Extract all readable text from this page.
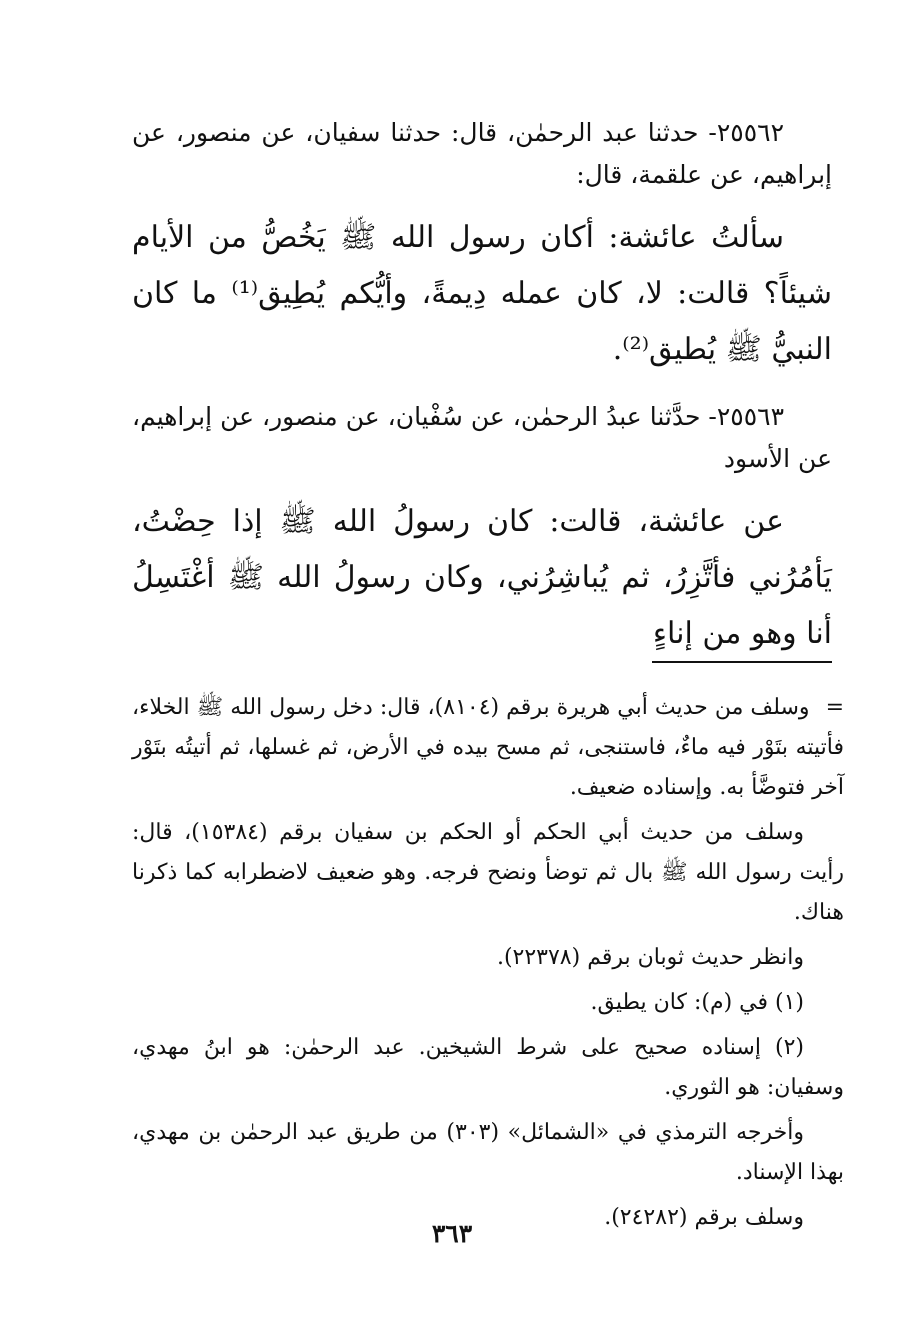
٢٥٥٦٢- حدثنا عبد الرحمٰن، قال: حدثنا سفيان، عن منصور، عن إبراهيم، عن علقمة، قال:

سألتُ عائشة: أكان رسول الله ﷺ يَخُصُّ من الأيام شيئاً؟ قالت: لا، كان عمله دِيمةً، وأيُّكم يُطِيق⁽¹⁾ ما كان النبيُّ ﷺ يُطيق⁽²⁾.

٢٥٥٦٣- حدَّثنا عبدُ الرحمٰن، عن سُفْيان، عن منصور، عن إبراهيم، عن الأسود

عن عائشة، قالت: كان رسولُ الله ﷺ إذا حِضْتُ، يَأمُرُني فأتَّزِرُ، ثم يُباشِرُني، وكان رسولُ الله ﷺ أغْتَسِلُ أنا وهو من إناءٍ

=وسلف من حديث أبي هريرة برقم (٨١٠٤)، قال: دخل رسول الله ﷺ الخلاء، فأتيته بتَوْر فيه ماءٌ، فاستنجى، ثم مسح بيده في الأرض، ثم غسلها، ثم أتيتُه بتَوْر آخر فتوضَّأ به. وإسناده ضعيف.

وسلف من حديث أبي الحكم أو الحكم بن سفيان برقم (١٥٣٨٤)، قال: رأيت رسول الله ﷺ بال ثم توضأ ونضح فرجه. وهو ضعيف لاضطرابه كما ذكرنا هناك.

وانظر حديث ثوبان برقم (٢٢٣٧٨).

(١) في (م): كان يطيق.

(٢) إسناده صحيح على شرط الشيخين. عبد الرحمٰن: هو ابنُ مهدي، وسفيان: هو الثوري.

وأخرجه الترمذي في «الشمائل» (٣٠٣) من طريق عبد الرحمٰن بن مهدي، بهذا الإسناد.

وسلف برقم (٢٤٢٨٢).

٣٦٣
